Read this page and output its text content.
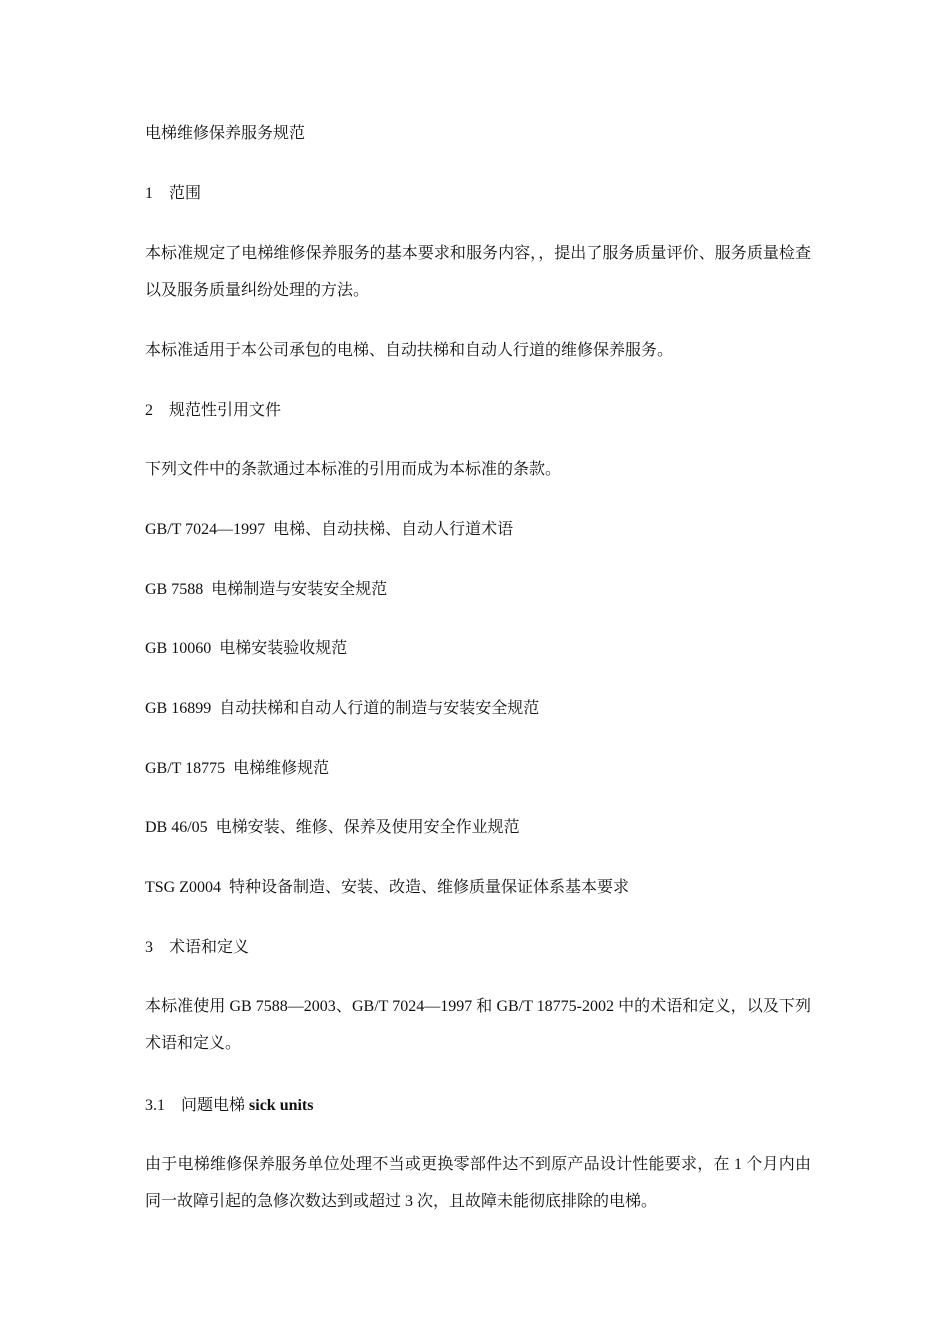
电梯维修保养服务规范
1 范围
本标准规定了电梯维修保养服务的基本要求和服务内容，，提出了服务质量评价、服务质量检查以及服务质量纠纷处理的方法。
本标准适用于本公司承包的电梯、自动扶梯和自动人行道的维修保养服务。
2 规范性引用文件
下列文件中的条款通过本标准的引用而成为本标准的条款。
GB/T 7024—1997 电梯、自动扶梯、自动人行道术语
GB 7588 电梯制造与安装安全规范
GB 10060 电梯安装验收规范
GB 16899 自动扶梯和自动人行道的制造与安装安全规范
GB/T 18775 电梯维修规范
DB 46/05 电梯安装、维修、保养及使用安全作业规范
TSG Z0004 特种设备制造、安装、改造、维修质量保证体系基本要求
3 术语和定义
本标准使用 GB 7588—2003、GB/T 7024—1997 和 GB/T 18775-2002 中的术语和定义，以及下列术语和定义。
3.1 问题电梯 sick units
由于电梯维修保养服务单位处理不当或更换零部件达不到原产品设计性能要求，在 1 个月内由同一故障引起的急修次数达到或超过 3 次，且故障未能彻底排除的电梯。
